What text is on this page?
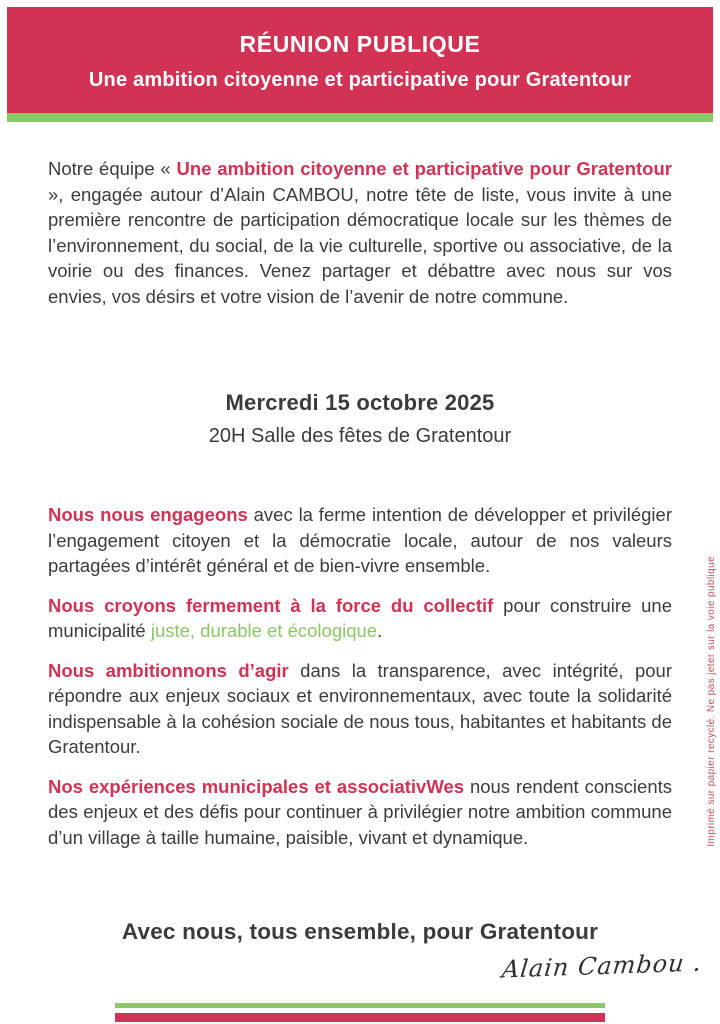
RÉUNION PUBLIQUE
Une ambition citoyenne et participative pour Gratentour
Notre équipe « Une ambition citoyenne et participative pour Gratentour », engagée autour d’Alain CAMBOU, notre tête de liste, vous invite à une première rencontre de participation démocratique locale sur les thèmes de l’environnement, du social, de la vie culturelle, sportive ou associative, de la voirie ou des finances. Venez partager et débattre avec nous sur vos envies, vos désirs et votre vision de l’avenir de notre commune.
Mercredi 15 octobre 2025
20H Salle des fêtes de Gratentour

Nous nous engageons avec la ferme intention de développer et privilégier l’engagement citoyen et la démocratie locale, autour de nos valeurs partagées d’intérêt général et de bien-vivre ensemble.

Nous croyons fermement à la force du collectif pour construire une municipalité juste, durable et écologique.

Nous ambitionnons d’agir dans la transparence, avec intégrité, pour répondre aux enjeux sociaux et environnementaux, avec toute la solidarité indispensable à la cohésion sociale de nous tous, habitantes et habitants de Gratentour.

Nos expériences municipales et associativWes nous rendent conscients des enjeux et des défis pour continuer à privilégier notre ambition commune d’un village à taille humaine, paisible, vivant et dynamique.

Avec nous, tous ensemble, pour Gratentour
Alain Cambou .
Imprimé sur papier recyclé. Ne pas jeter sur la voie publique
